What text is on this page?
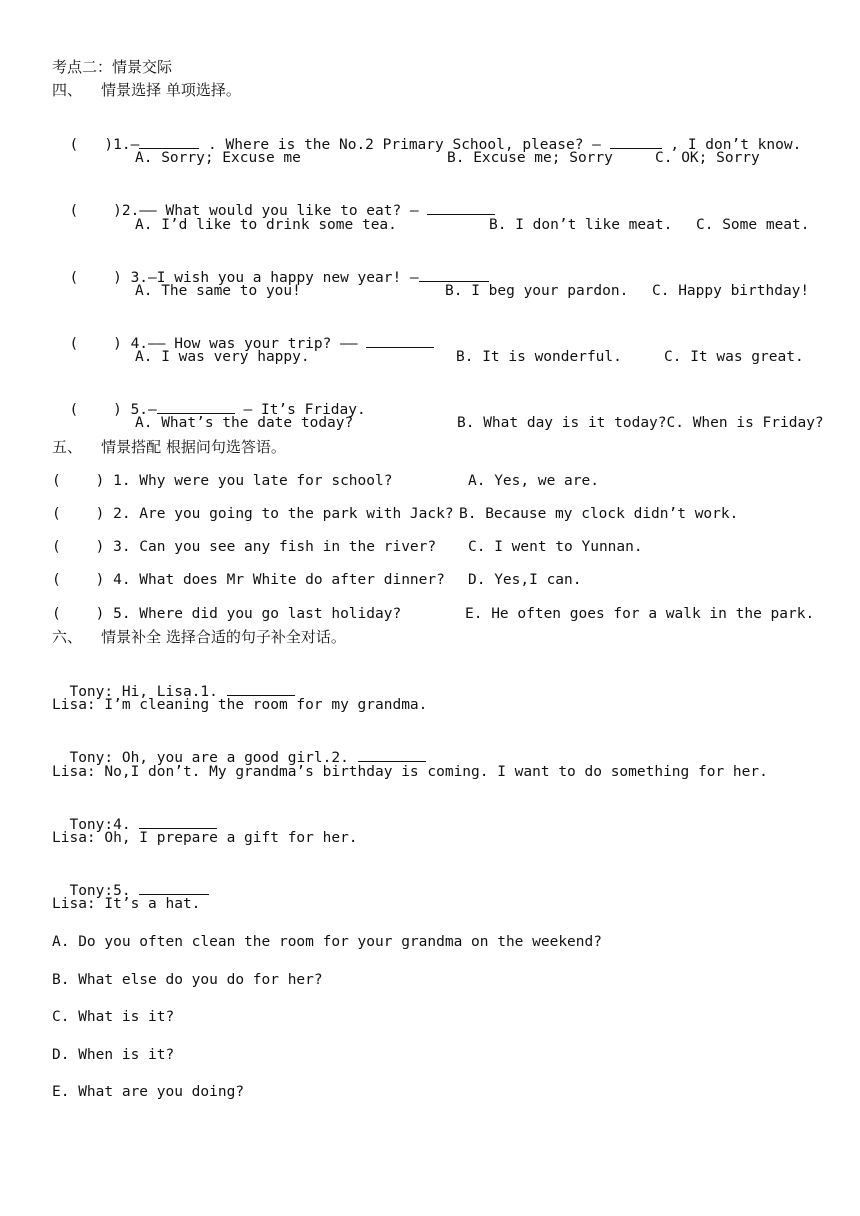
考点二：情景交际
四、    情景选择 单项选择。

(   )1.—	. Where is the No.2 Primary School, please? —	, I don’t know.

A. Sorry; Excuse me	B. Excuse me; Sorry	C. OK; Sorry

(    )2.—— What would you like to eat? —

A. I’d like to drink some tea.	B. I don’t like meat. C. Some meat.

(    ) 3.—I wish you a happy new year! —

A. The same to you!	B. I beg your pardon. C. Happy birthday!

(    ) 4.—— How was your trip? ——

A. I was very happy.	B. It is wonderful.	C. It was great.

(    ) 5.—	— It’s Friday.

A. What’s the date today?	B. What day is it today?C. When is Friday?
五、    情景搭配 根据问句选答语。
(    ) 1. Why were you late for school?	A. Yes, we are.
(    ) 2. Are you going to the park with Jack? B. Because my clock didn’t work.
(    ) 3. Can you see any fish in the river? C. I went to Yunnan.
(    ) 4. What does Mr White do after dinner? D. Yes,I can.
(    ) 5. Where did you go last holiday?	E. He often goes for a walk in the park.
六、    情景补全 选择合适的句子补全对话。

Tony: Hi, Lisa.1.

Lisa: I’m cleaning the room for my grandma.

Tony: Oh, you are a good girl.2.

Lisa: No,I don’t. My grandma’s birthday is coming. I want to do something for her.

Tony:4.

Lisa: Oh, I prepare a gift for her.

Tony:5.

Lisa: It’s a hat.
A. Do you often clean the room for your grandma on the weekend?
B. What else do you do for her?
C. What is it?
D. When is it?
E. What are you doing?
